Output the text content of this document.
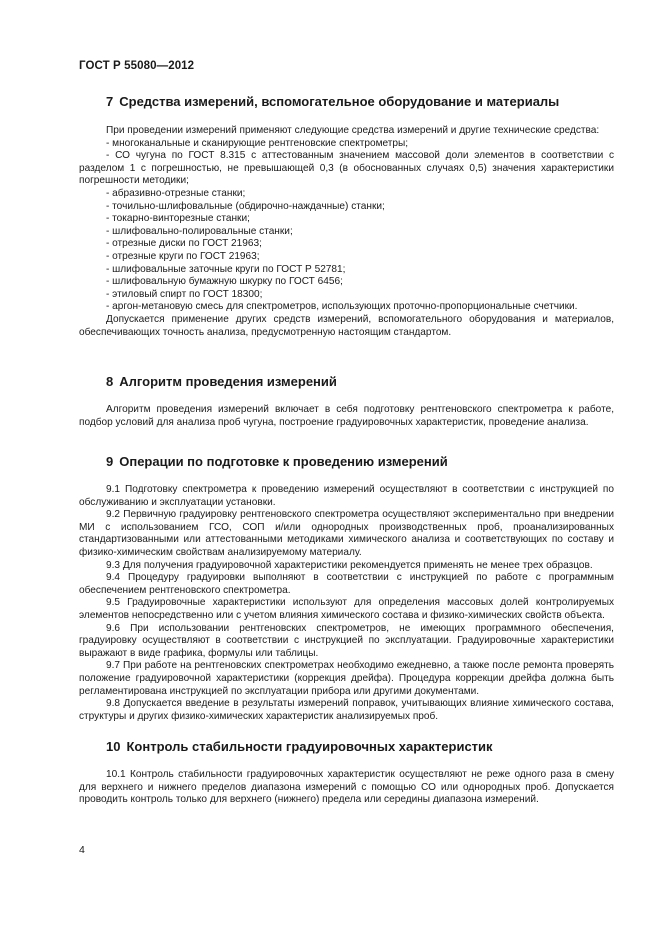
ГОСТ Р 55080—2012
7 Средства измерений, вспомогательное оборудование и материалы

При проведении измерений применяют следующие средства измерений и другие технические средства:

- многоканальные и сканирующие рентгеновские спектрометры;

- СО чугуна по ГОСТ 8.315 с аттестованным значением массовой доли элементов в соответствии с разделом 1 с погрешностью, не превышающей 0,3 (в обоснованных случаях 0,5) значения характеристики погрешности методики;

- абразивно-отрезные станки;

- точильно-шлифовальные (обдирочно-наждачные) станки;

- токарно-винторезные станки;

- шлифовально-полировальные станки;

- отрезные диски по ГОСТ 21963;

- отрезные круги по ГОСТ 21963;

- шлифовальные заточные круги по ГОСТ Р 52781;

- шлифовальную бумажную шкурку по ГОСТ 6456;

- этиловый спирт по ГОСТ 18300;

- аргон-метановую смесь для спектрометров, использующих проточно-пропорциональные счетчики.

Допускается применение других средств измерений, вспомогательного оборудования и материалов, обеспечивающих точность анализа, предусмотренную настоящим стандартом.

8 Алгоритм проведения измерений

Алгоритм проведения измерений включает в себя подготовку рентгеновского спектрометра к работе, подбор условий для анализа проб чугуна, построение градуировочных характеристик, проведение анализа.

9 Операции по подготовке к проведению измерений

9.1 Подготовку спектрометра к проведению измерений осуществляют в соответствии с инструкцией по обслуживанию и эксплуатации установки.

9.2 Первичную градуировку рентгеновского спектрометра осуществляют экспериментально при внедрении МИ с использованием ГСО, СОП и/или однородных производственных проб, проанализированных стандартизованными или аттестованными методиками химического анализа и соответствующих по составу и физико-химическим свойствам анализируемому материалу.

9.3 Для получения градуировочной характеристики рекомендуется применять не менее трех образцов.

9.4 Процедуру градуировки выполняют в соответствии с инструкцией по работе с программным обеспечением рентгеновского спектрометра.

9.5 Градуировочные характеристики используют для определения массовых долей контролируемых элементов непосредственно или с учетом влияния химического состава и физико-химических свойств объекта.

9.6 При использовании рентгеновских спектрометров, не имеющих программного обеспечения, градуировку осуществляют в соответствии с инструкцией по эксплуатации. Градуировочные характеристики выражают в виде графика, формулы или таблицы.

9.7 При работе на рентгеновских спектрометрах необходимо ежедневно, а также после ремонта проверять положение градуировочной характеристики (коррекция дрейфа). Процедура коррекции дрейфа должна быть регламентирована инструкцией по эксплуатации прибора или другими документами.

9.8 Допускается введение в результаты измерений поправок, учитывающих влияние химического состава, структуры и других физико-химических характеристик анализируемых проб.

10 Контроль стабильности градуировочных характеристик

10.1 Контроль стабильности градуировочных характеристик осуществляют не реже одного раза в смену для верхнего и нижнего пределов диапазона измерений с помощью СО или однородных проб. Допускается проводить контроль только для верхнего (нижнего) предела или середины диапазона измерений.

4
